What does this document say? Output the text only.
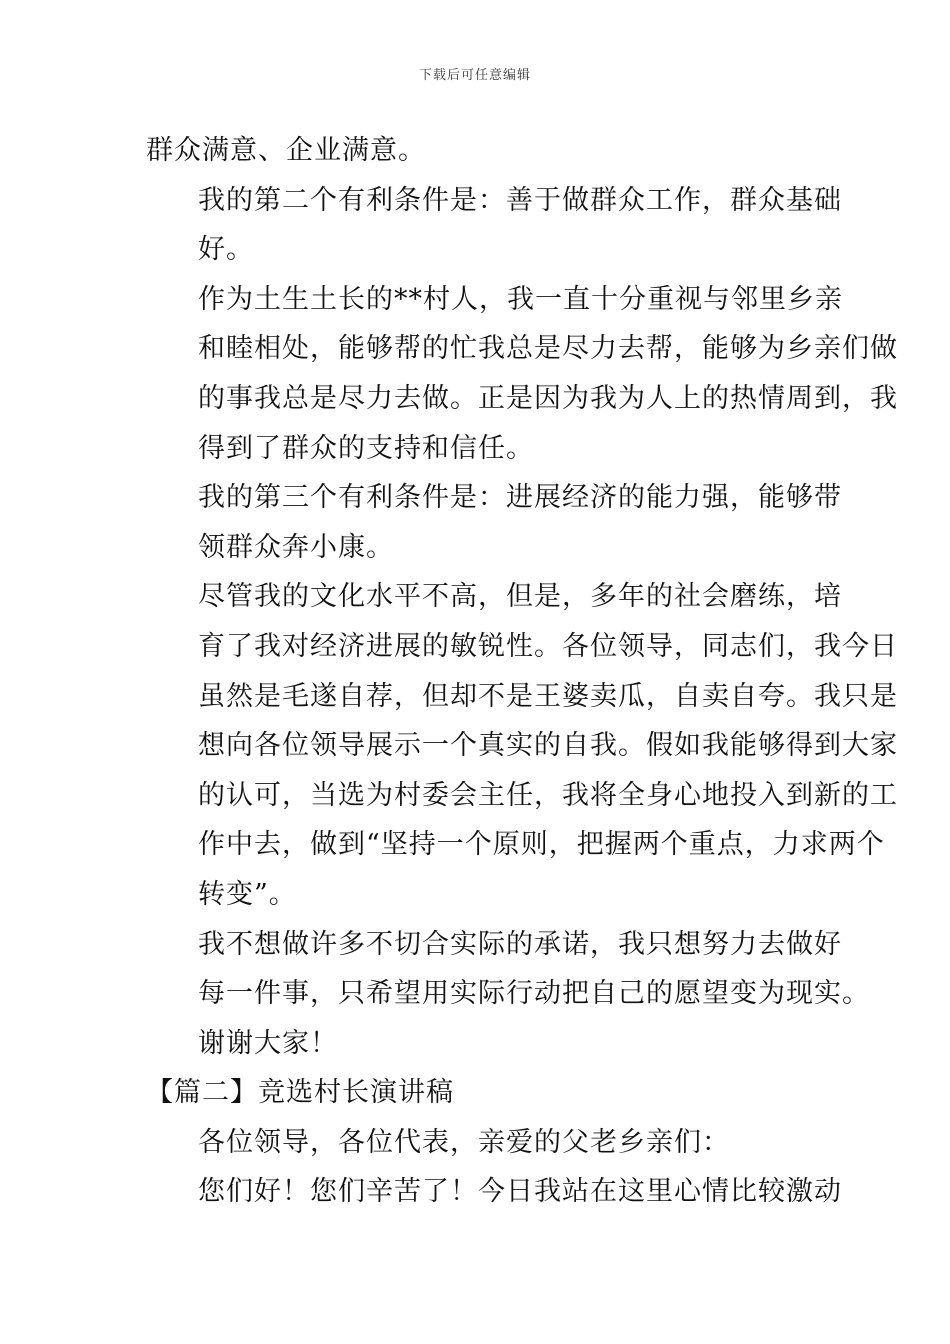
下载后可任意编辑

群众满意、企业满意。

我的第二个有利条件是：善于做群众工作，群众基础
好。

作为土生土长的**村人，我一直十分重视与邻里乡亲
和睦相处，能够帮的忙我总是尽力去帮，能够为乡亲们做
的事我总是尽力去做。正是因为我为人上的热情周到，我
得到了群众的支持和信任。

我的第三个有利条件是：进展经济的能力强，能够带
领群众奔小康。

尽管我的文化水平不高，但是，多年的社会磨练，培
育了我对经济进展的敏锐性。各位领导，同志们，我今日
虽然是毛遂自荐，但却不是王婆卖瓜，自卖自夸。我只是
想向各位领导展示一个真实的自我。假如我能够得到大家
的认可，当选为村委会主任，我将全身心地投入到新的工
作中去，做到“坚持一个原则，把握两个重点，力求两个
转变”。

我不想做许多不切合实际的承诺，我只想努力去做好
每一件事，只希望用实际行动把自己的愿望变为现实。

谢谢大家！

【篇二】竞选村长演讲稿

各位领导，各位代表，亲爱的父老乡亲们：

您们好！您们辛苦了！今日我站在这里心情比较激动
